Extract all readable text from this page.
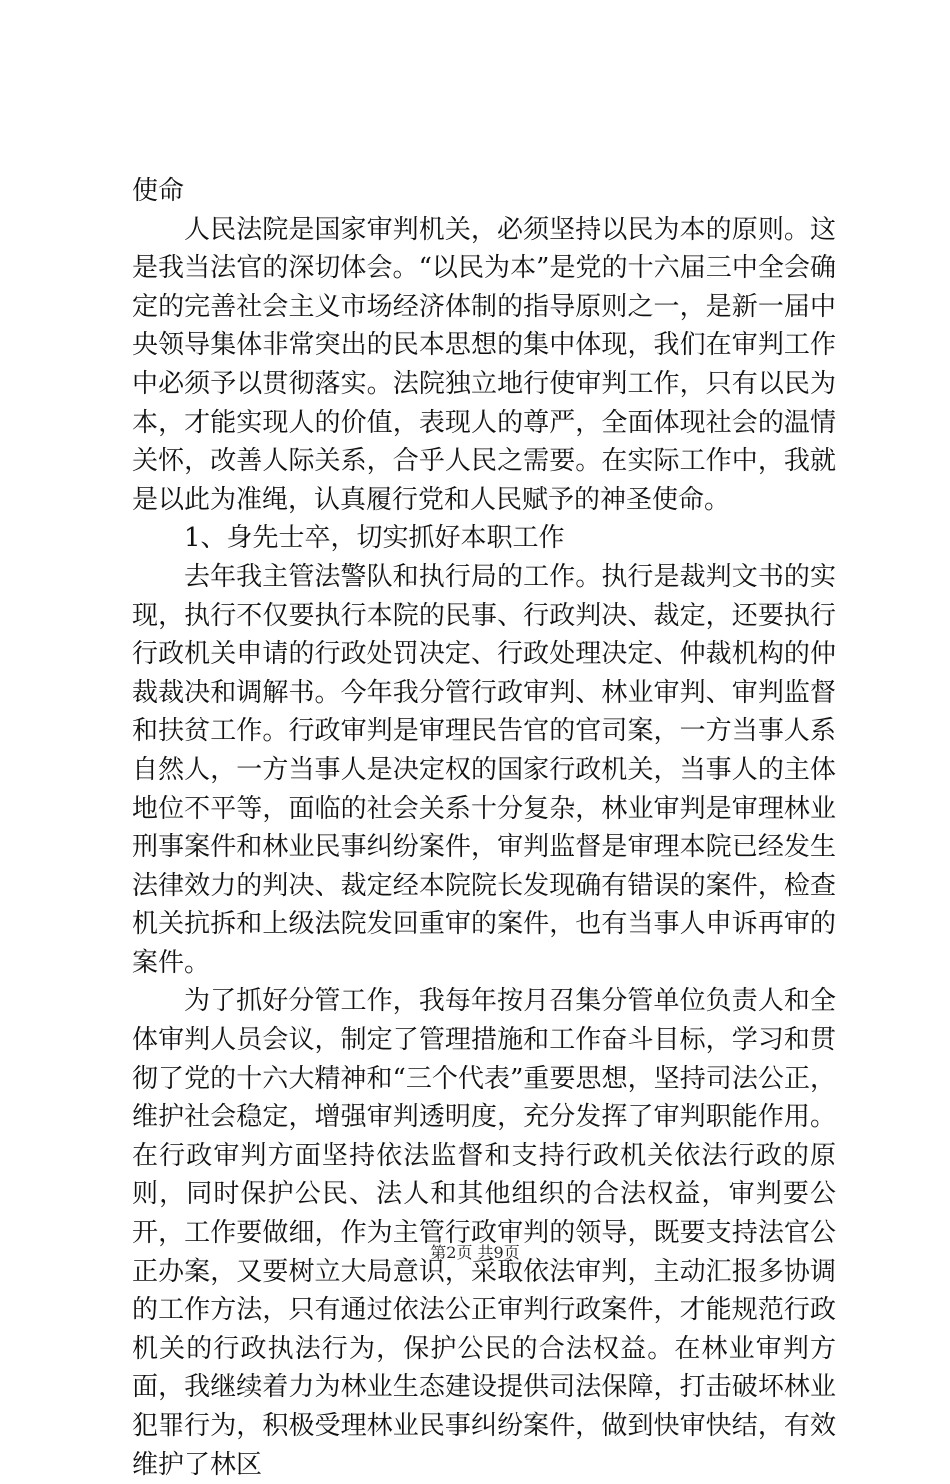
使命

人民法院是国家审判机关，必须坚持以民为本的原则。这是我当法官的深切体会。“以民为本”是党的十六届三中全会确定的完善社会主义市场经济体制的指导原则之一，是新一届中央领导集体非常突出的民本思想的集中体现，我们在审判工作中必须予以贯彻落实。法院独立地行使审判工作，只有以民为本，才能实现人的价值，表现人的尊严，全面体现社会的温情关怀，改善人际关系，合乎人民之需要。在实际工作中，我就是以此为准绳，认真履行党和人民赋予的神圣使命。

1、身先士卒，切实抓好本职工作

去年我主管法警队和执行局的工作。执行是裁判文书的实现，执行不仅要执行本院的民事、行政判决、裁定，还要执行行政机关申请的行政处罚决定、行政处理决定、仲裁机构的仲裁裁决和调解书。今年我分管行政审判、林业审判、审判监督和扶贫工作。行政审判是审理民告官的官司案，一方当事人系自然人，一方当事人是决定权的国家行政机关，当事人的主体地位不平等，面临的社会关系十分复杂，林业审判是审理林业刑事案件和林业民事纠纷案件，审判监督是审理本院已经发生法律效力的判决、裁定经本院院长发现确有错误的案件，检查机关抗拆和上级法院发回重审的案件，也有当事人申诉再审的案件。

为了抓好分管工作，我每年按月召集分管单位负责人和全体审判人员会议，制定了管理措施和工作奋斗目标，学习和贯彻了党的十六大精神和“三个代表”重要思想，坚持司法公正，维护社会稳定，增强审判透明度，充分发挥了审判职能作用。在行政审判方面坚持依法监督和支持行政机关依法行政的原则，同时保护公民、法人和其他组织的合法权益，审判要公开，工作要做细，作为主管行政审判的领导，既要支持法官公正办案，又要树立大局意识，采取依法审判，主动汇报多协调的工作方法，只有通过依法公正审判行政案件，才能规范行政机关的行政执法行为，保护公民的合法权益。在林业审判方面，我继续着力为林业生态建设提供司法保障，打击破坏林业犯罪行为，积极受理林业民事纠纷案件，做到快审快结，有效维护了林区

第2页 共9页
